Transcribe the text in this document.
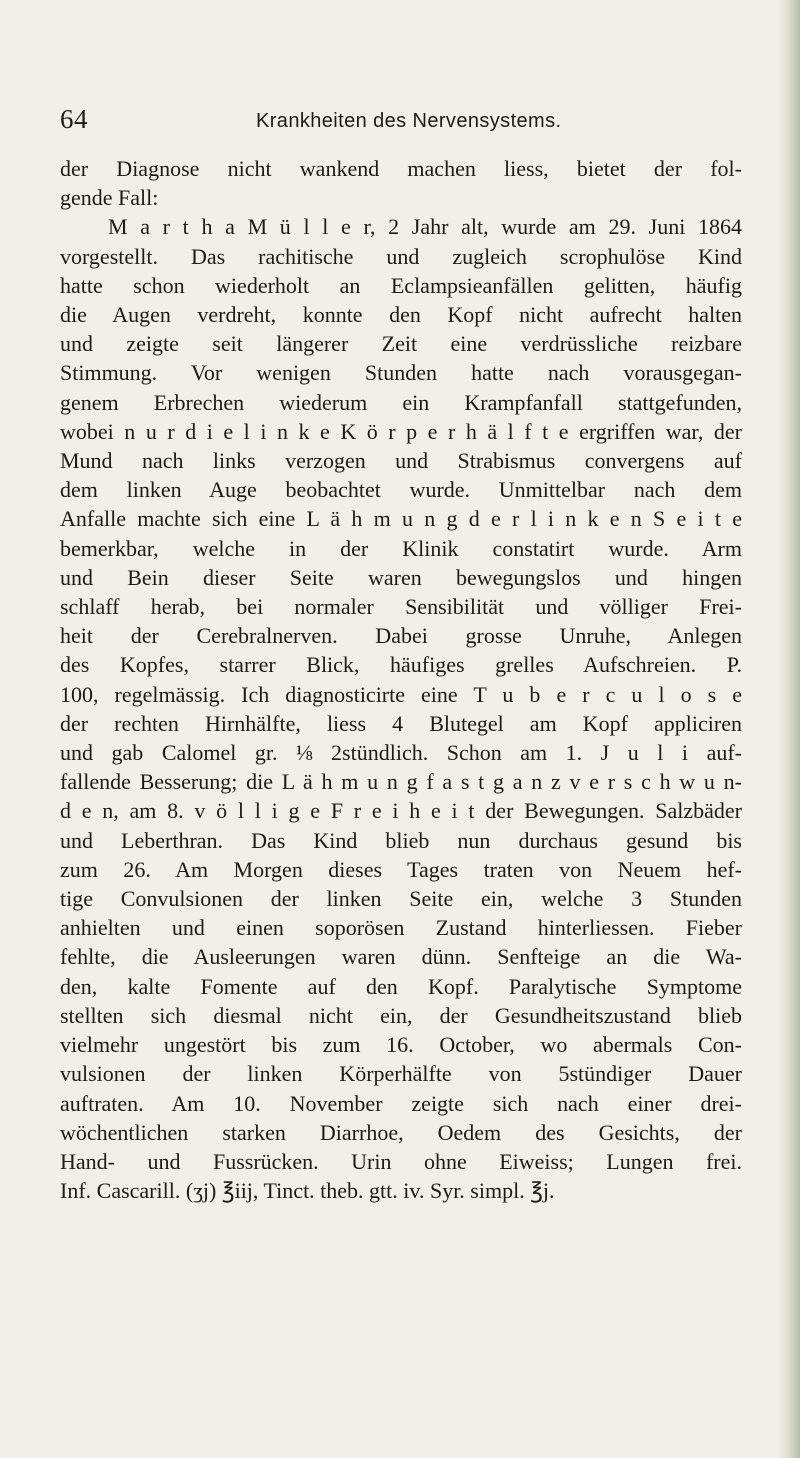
64	Krankheiten des Nervensystems.
der Diagnose nicht wankend machen liess, bietet der fol-
gende Fall:
M a r t h a M ü l l e r, 2 Jahr alt, wurde am 29. Juni 1864
vorgestellt. Das rachitische und zugleich scrophulöse Kind
hatte schon wiederholt an Eclampsieanfällen gelitten, häufig
die Augen verdreht, konnte den Kopf nicht aufrecht halten
und zeigte seit längerer Zeit eine verdrüssliche reizbare
Stimmung. Vor wenigen Stunden hatte nach vorausgegan-
genem Erbrechen wiederum ein Krampfanfall stattgefunden,
wobei n u r d i e l i n k e K ö r p e r h ä l f t e ergriffen war, der
Mund nach links verzogen und Strabismus convergens auf
dem linken Auge beobachtet wurde. Unmittelbar nach dem
Anfalle machte sich eine L ä h m u n g d e r l i n k e n S e i t e
bemerkbar, welche in der Klinik constatirt wurde. Arm
und Bein dieser Seite waren bewegungslos und hingen
schlaff herab, bei normaler Sensibilität und völliger Frei-
heit der Cerebralnerven. Dabei grosse Unruhe, Anlegen
des Kopfes, starrer Blick, häufiges grelles Aufschreien. P.
100, regelmässig. Ich diagnosticirte eine T u b e r c u l o s e
der rechten Hirnhälfte, liess 4 Blutegel am Kopf appliciren
und gab Calomel gr. ⅛ 2stündlich. Schon am 1. J u l i auf-
fallende Besserung; die L ä h m u n g f a s t g a n z v e r s c h w u n-
d e n, am 8. v ö l l i g e F r e i h e i t der Bewegungen. Salzbäder
und Leberthran. Das Kind blieb nun durchaus gesund bis
zum 26. Am Morgen dieses Tages traten von Neuem hef-
tige Convulsionen der linken Seite ein, welche 3 Stunden
anhielten und einen soporösen Zustand hinterliessen. Fieber
fehlte, die Ausleerungen waren dünn. Senfteige an die Wa-
den, kalte Fomente auf den Kopf. Paralytische Symptome
stellten sich diesmal nicht ein, der Gesundheitszustand blieb
vielmehr ungestört bis zum 16. October, wo abermals Con-
vulsionen der linken Körperhälfte von 5stündiger Dauer
auftraten. Am 10. November zeigte sich nach einer drei-
wöchentlichen starken Diarrhoe, Oedem des Gesichts, der
Hand- und Fussrücken. Urin ohne Eiweiss; Lungen frei.
Inf. Cascarill. (ʒj) ℥iij, Tinct. theb. gtt. iv. Syr. simpl. ℥j.
